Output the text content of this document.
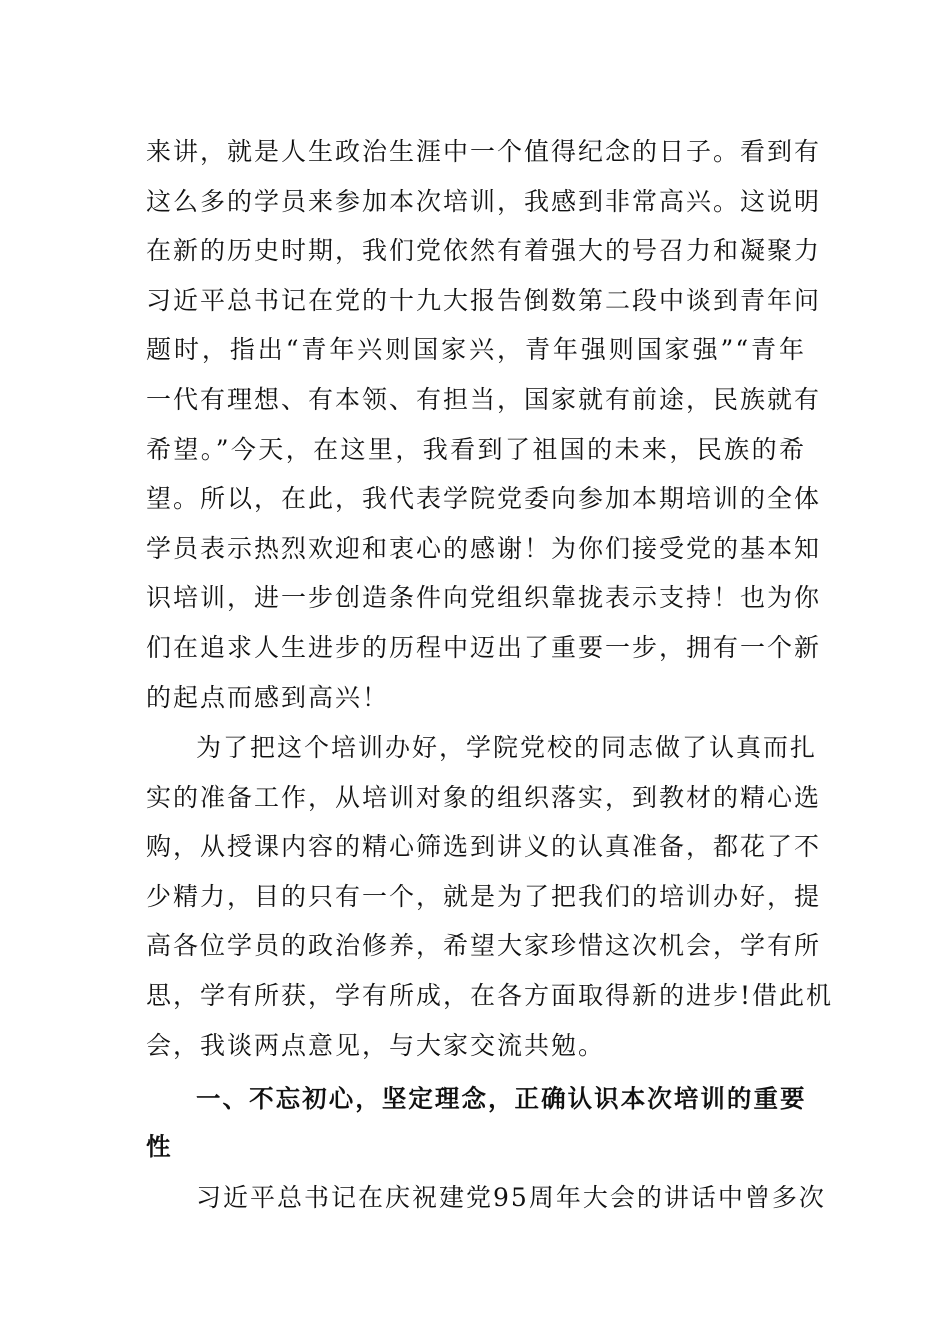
来讲，就是人生政治生涯中一个值得纪念的日子。看到有
这么多的学员来参加本次培训，我感到非常高兴。这说明
在新的历史时期，我们党依然有着强大的号召力和凝聚力
习近平总书记在党的十九大报告倒数第二段中谈到青年问
题时，指出“青年兴则国家兴，青年强则国家强”“青年
一代有理想、有本领、有担当，国家就有前途，民族就有
希望。”今天，在这里，我看到了祖国的未来，民族的希
望。所以，在此，我代表学院党委向参加本期培训的全体
学员表示热烈欢迎和衷心的感谢！为你们接受党的基本知
识培训，进一步创造条件向党组织靠拢表示支持！也为你
们在追求人生进步的历程中迈出了重要一步，拥有一个新
的起点而感到高兴！
为了把这个培训办好，学院党校的同志做了认真而扎
实的准备工作，从培训对象的组织落实，到教材的精心选
购，从授课内容的精心筛选到讲义的认真准备，都花了不
少精力，目的只有一个，就是为了把我们的培训办好，提
高各位学员的政治修养，希望大家珍惜这次机会，学有所
思，学有所获，学有所成，在各方面取得新的进步!借此机
会，我谈两点意见，与大家交流共勉。
一、不忘初心，坚定理念，正确认识本次培训的重要
性
习近平总书记在庆祝建党95周年大会的讲话中曾多次
